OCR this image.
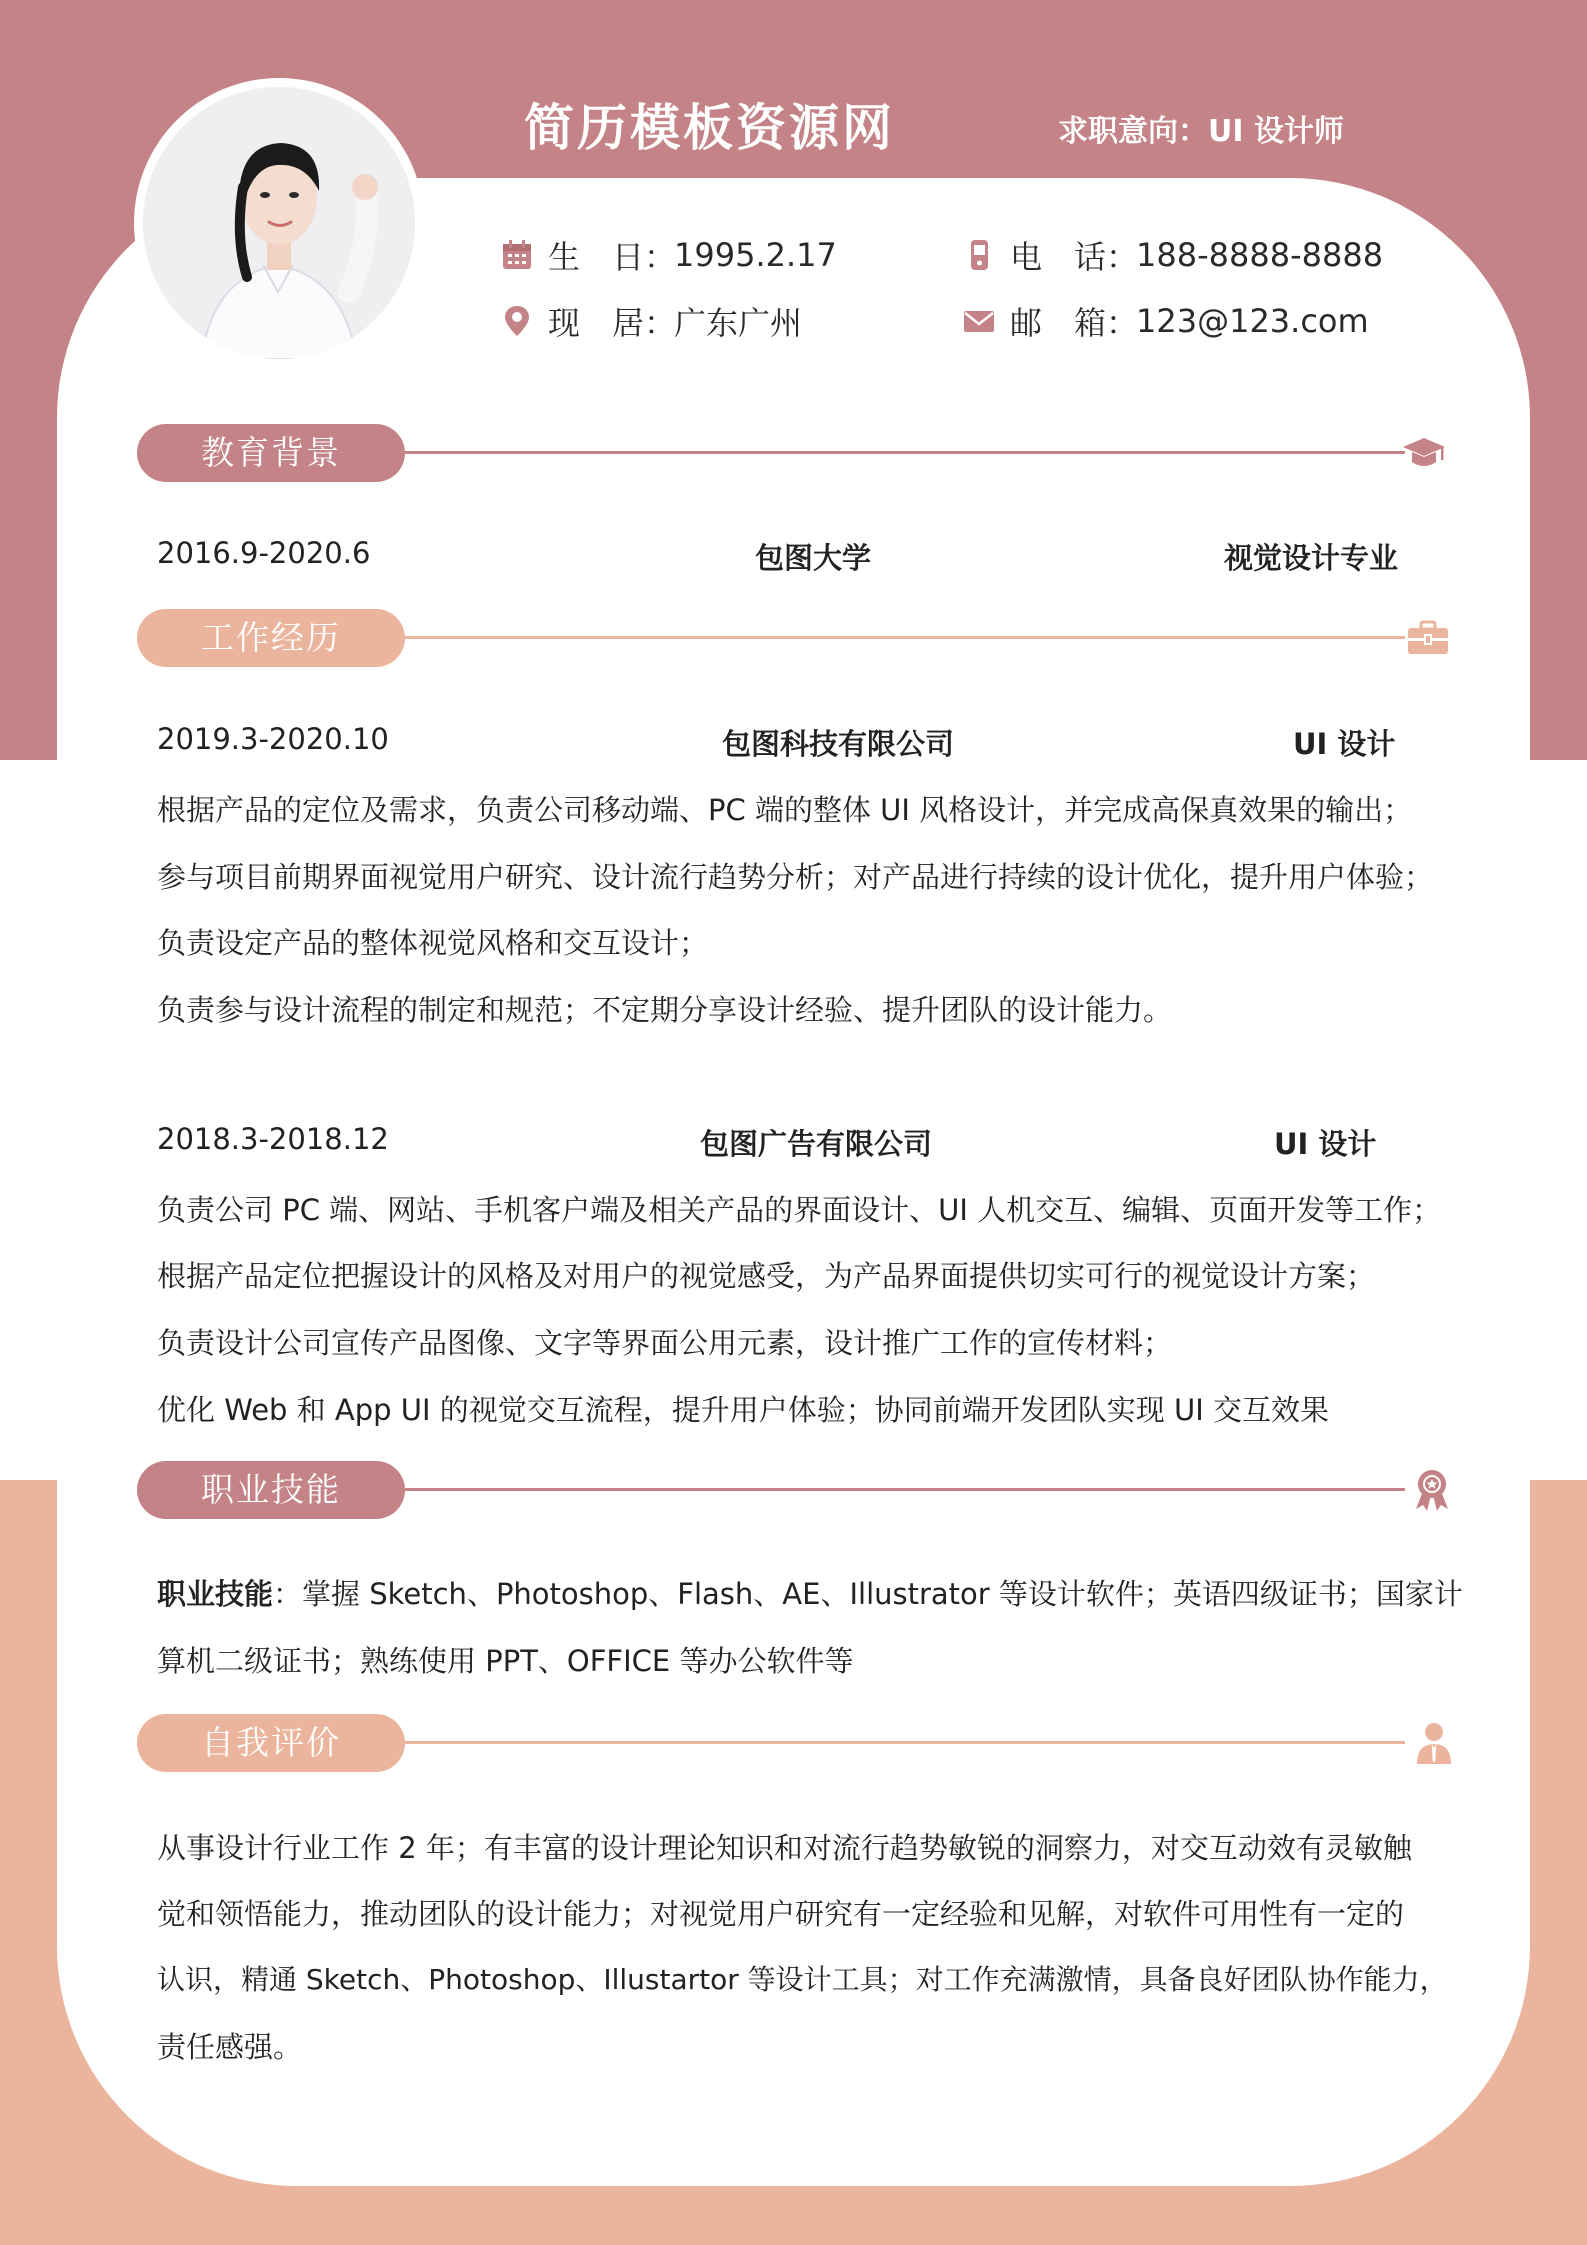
简历模板资源网	求职意向：UI 设计师
生　日：
1995.2.17
现　居：
广东广州
电　话：
188-8888-8888
邮　箱：
123@123.com
教育背景
2016.9-2020.6	包图大学	视觉设计专业
工作经历
2019.3-2020.10	包图科技有限公司	UI 设计
根据产品的定位及需求，负责公司移动端、PC 端的整体 UI 风格设计，并完成高保真效果的输出；
参与项目前期界面视觉用户研究、设计流行趋势分析；对产品进行持续的设计优化，提升用户体验；
负责设定产品的整体视觉风格和交互设计；
负责参与设计流程的制定和规范；不定期分享设计经验、提升团队的设计能力。
2018.3-2018.12	包图广告有限公司	UI 设计
负责公司 PC 端、网站、手机客户端及相关产品的界面设计、UI 人机交互、编辑、页面开发等工作；
根据产品定位把握设计的风格及对用户的视觉感受，为产品界面提供切实可行的视觉设计方案；
负责设计公司宣传产品图像、文字等界面公用元素，设计推广工作的宣传材料；
优化 Web 和 App UI 的视觉交互流程，提升用户体验；协同前端开发团队实现 UI 交互效果
职业技能
职业技能：掌握 Sketch、Photoshop、Flash、AE、Illustrator 等设计软件；英语四级证书；国家计
算机二级证书；熟练使用 PPT、OFFICE 等办公软件等
自我评价
从事设计行业工作 2 年；有丰富的设计理论知识和对流行趋势敏锐的洞察力，对交互动效有灵敏触
觉和领悟能力，推动团队的设计能力；对视觉用户研究有一定经验和见解，对软件可用性有一定的
认识，精通 Sketch、Photoshop、Illustartor 等设计工具；对工作充满激情，具备良好团队协作能力，
责任感强。
